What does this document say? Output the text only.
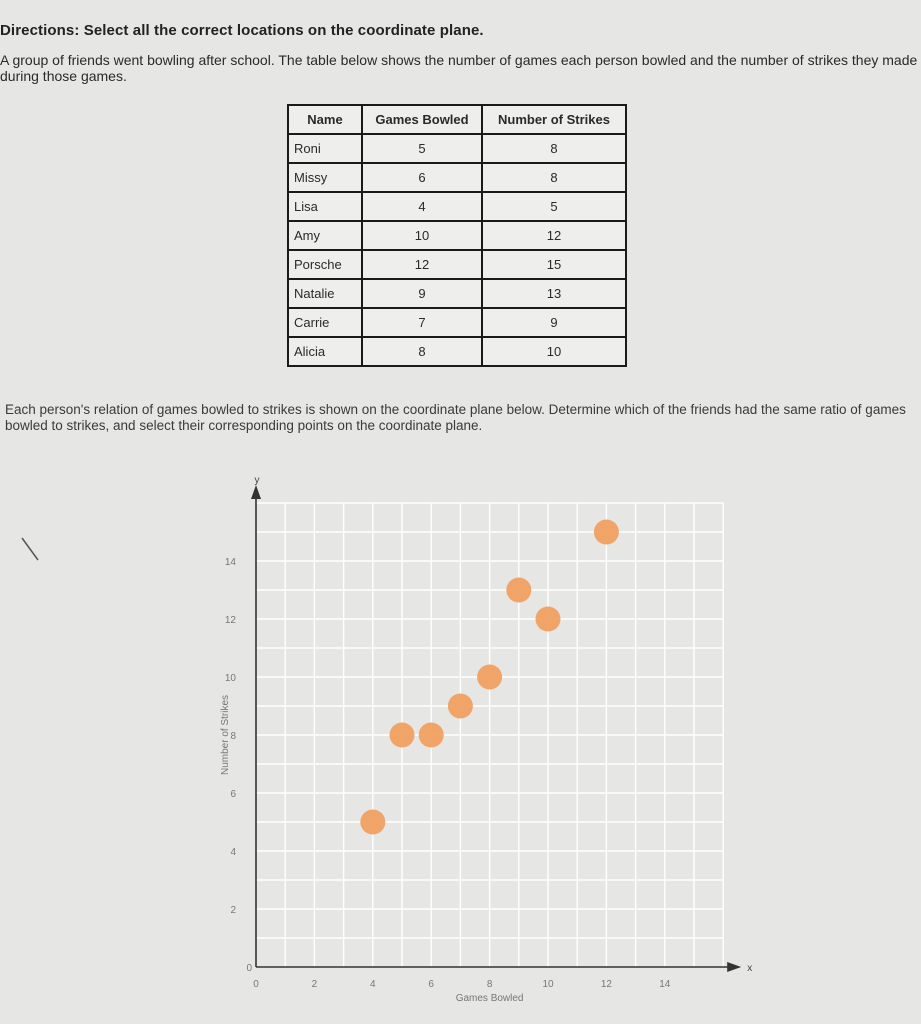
Directions: Select all the correct locations on the coordinate plane.
A group of friends went bowling after school. The table below shows the number of games each person bowled and the number of strikes they made during those games.
Name	Games Bowled	Number of Strikes
Roni	5	8
Missy	6	8
Lisa	4	5
Amy	10	12
Porsche	12	15
Natalie	9	13
Carrie	7	9
Alicia	8	10
Each person's relation of games bowled to strikes is shown on the coordinate plane below. Determine which of the friends had the same ratio of games bowled to strikes, and select their corresponding points on the coordinate plane.
0	2	4	6	8	10	12	14
0
2
4
6
8
10
12
14
Games Bowled
Number of Strikes
x
y
